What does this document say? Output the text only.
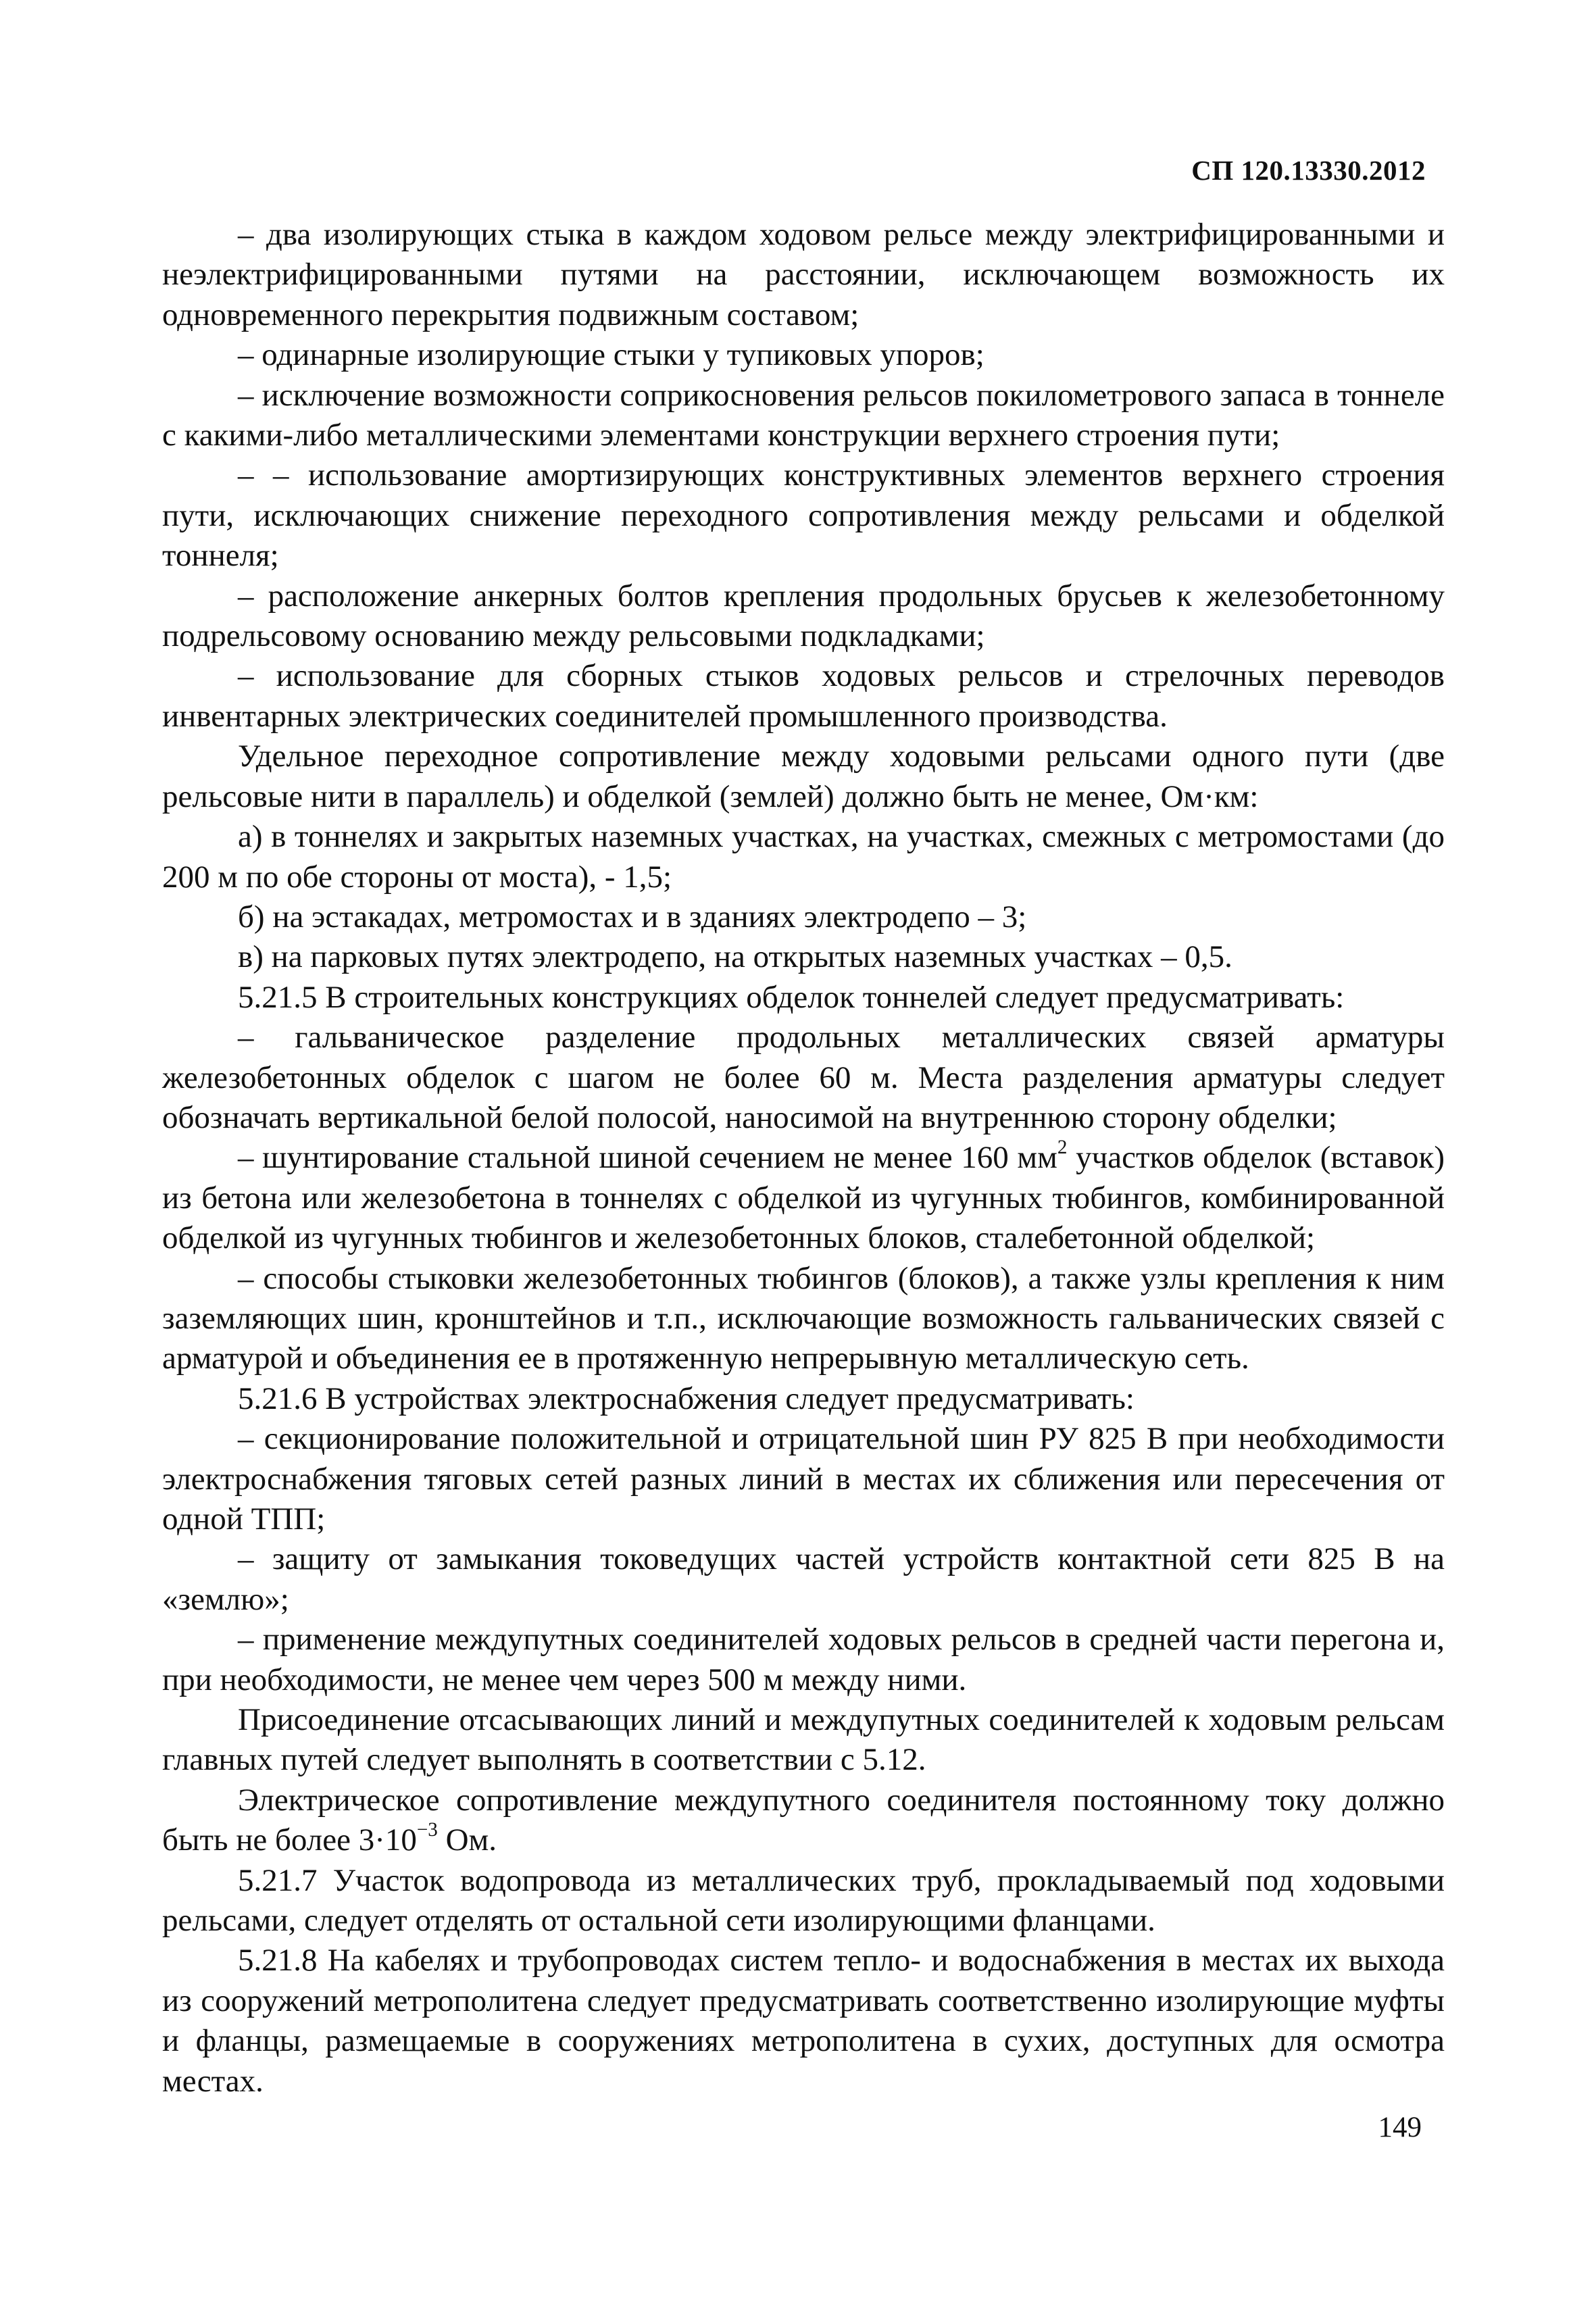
СП 120.13330.2012

– два изолирующих стыка в каждом ходовом рельсе между электрифицированными и неэлектрифицированными путями на расстоянии, исключающем возможность их одновременного перекрытия подвижным составом;

– одинарные изолирующие стыки у тупиковых упоров;

– исключение возможности соприкосновения рельсов покилометрового запаса в тоннеле с какими-либо металлическими элементами конструкции верхнего строения пути;

– – использование амортизирующих конструктивных элементов верхнего строения пути, исключающих снижение переходного сопротивления между рельсами и обделкой тоннеля;

– расположение анкерных болтов крепления продольных брусьев к железобетонному подрельсовому основанию между рельсовыми подкладками;

– использование для сборных стыков ходовых рельсов и стрелочных переводов инвентарных электрических соединителей промышленного производства.

Удельное переходное сопротивление между ходовыми рельсами одного пути (две рельсовые нити в параллель) и обделкой (землей) должно быть не менее, Ом·км:

а) в тоннелях и закрытых наземных участках, на участках, смежных с метромостами (до 200 м по обе стороны от моста), - 1,5;

б) на эстакадах, метромостах и в зданиях электродепо – 3;

в) на парковых путях электродепо, на открытых наземных участках – 0,5.

5.21.5 В строительных конструкциях обделок тоннелей следует предусматривать:

– гальваническое разделение продольных металлических связей арматуры железобетонных обделок с шагом не более 60 м. Места разделения арматуры следует обозначать вертикальной белой полосой, наносимой на внутреннюю сторону обделки;

– шунтирование стальной шиной сечением не менее 160 $мм^2$ участков обделок (вставок) из бетона или железобетона в тоннелях с обделкой из чугунных тюбингов, комбинированной обделкой из чугунных тюбингов и железобетонных блоков, сталебетонной обделкой;

– способы стыковки железобетонных тюбингов (блоков), а также узлы крепления к ним заземляющих шин, кронштейнов и т.п., исключающие возможность гальванических связей с арматурой и объединения ее в протяженную непрерывную металлическую сеть.

5.21.6 В устройствах электроснабжения следует предусматривать:

– секционирование положительной и отрицательной шин РУ 825 В при необходимости электроснабжения тяговых сетей разных линий в местах их сближения или пересечения от одной ТПП;

– защиту от замыкания токоведущих частей устройств контактной сети 825 В на «землю»;

– применение междупутных соединителей ходовых рельсов в средней части перегона и, при необходимости, не менее чем через 500 м между ними.

Присоединение отсасывающих линий и междупутных соединителей к ходовым рельсам главных путей следует выполнять в соответствии с 5.12.

Электрическое сопротивление междупутного соединителя постоянному току должно быть не более $3\cdot 10^{-3}$ Ом.

5.21.7 Участок водопровода из металлических труб, прокладываемый под ходовыми рельсами, следует отделять от остальной сети изолирующими фланцами.

5.21.8 На кабелях и трубопроводах систем тепло- и водоснабжения в местах их выхода из сооружений метрополитена следует предусматривать соответственно изолирующие муфты и фланцы, размещаемые в сооружениях метрополитена в сухих, доступных для осмотра местах.

149
